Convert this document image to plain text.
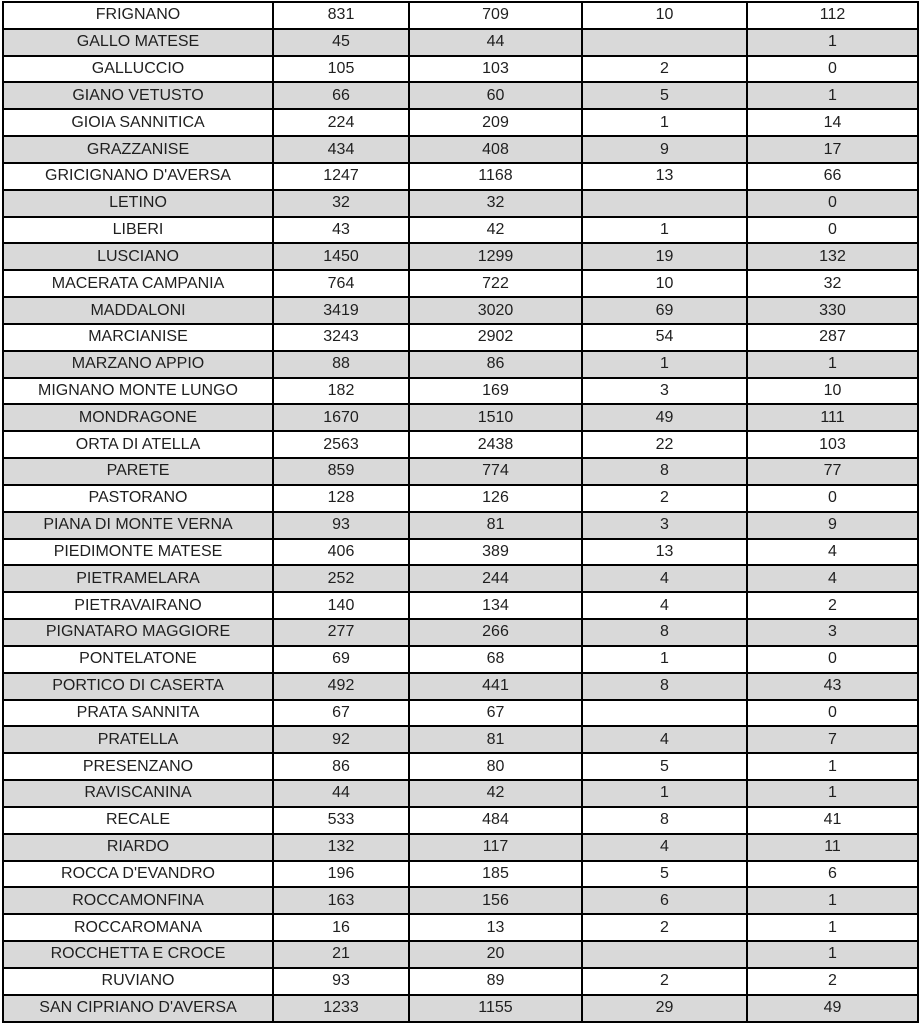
FRIGNANO	831	709	10	112
GALLO MATESE	45	44		1
GALLUCCIO	105	103	2	0
GIANO VETUSTO	66	60	5	1
GIOIA SANNITICA	224	209	1	14
GRAZZANISE	434	408	9	17
GRICIGNANO D'AVERSA	1247	1168	13	66
LETINO	32	32		0
LIBERI	43	42	1	0
LUSCIANO	1450	1299	19	132
MACERATA CAMPANIA	764	722	10	32
MADDALONI	3419	3020	69	330
MARCIANISE	3243	2902	54	287
MARZANO APPIO	88	86	1	1
MIGNANO MONTE LUNGO	182	169	3	10
MONDRAGONE	1670	1510	49	111
ORTA DI ATELLA	2563	2438	22	103
PARETE	859	774	8	77
PASTORANO	128	126	2	0
PIANA DI MONTE VERNA	93	81	3	9
PIEDIMONTE MATESE	406	389	13	4
PIETRAMELARA	252	244	4	4
PIETRAVAIRANO	140	134	4	2
PIGNATARO MAGGIORE	277	266	8	3
PONTELATONE	69	68	1	0
PORTICO DI CASERTA	492	441	8	43
PRATA SANNITA	67	67		0
PRATELLA	92	81	4	7
PRESENZANO	86	80	5	1
RAVISCANINA	44	42	1	1
RECALE	533	484	8	41
RIARDO	132	117	4	11
ROCCA D'EVANDRO	196	185	5	6
ROCCAMONFINA	163	156	6	1
ROCCAROMANA	16	13	2	1
ROCCHETTA E CROCE	21	20		1
RUVIANO	93	89	2	2
SAN CIPRIANO D'AVERSA	1233	1155	29	49
